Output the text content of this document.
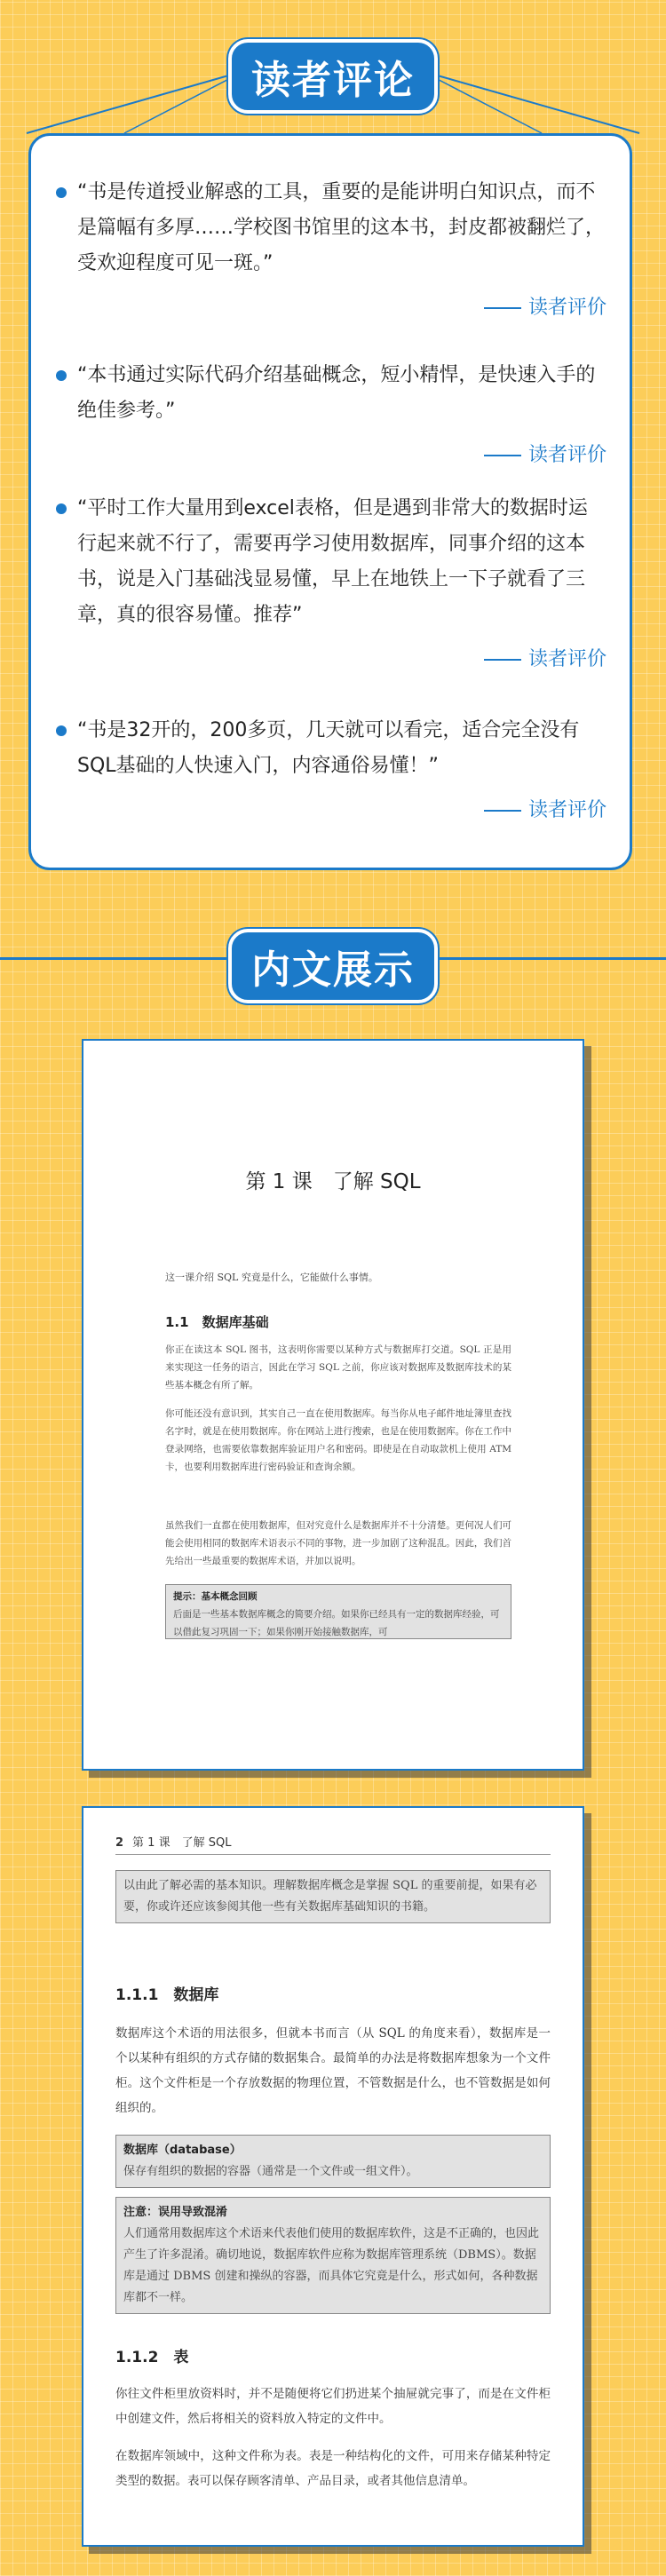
读者评论
“书是传道授业解惑的工具，重要的是能讲明白知识点，而不是篇幅有多厚……学校图书馆里的这本书，封皮都被翻烂了，受欢迎程度可见一斑。”
读者评价
“本书通过实际代码介绍基础概念，短小精悍，是快速入手的绝佳参考。”
读者评价
“平时工作大量用到excel表格，但是遇到非常大的数据时运行起来就不行了，需要再学习使用数据库，同事介绍的这本书，说是入门基础浅显易懂，早上在地铁上一下子就看了三章，真的很容易懂。推荐”
读者评价
“书是32开的，200多页，几天就可以看完，适合完全没有SQL基础的人快速入门，内容通俗易懂！”
读者评价
内文展示
第 1 课　了解 SQL
这一课介绍 SQL 究竟是什么，它能做什么事情。
1.1　数据库基础
你正在读这本 SQL 图书，这表明你需要以某种方式与数据库打交道。SQL 正是用来实现这一任务的语言，因此在学习 SQL 之前，你应该对数据库及数据库技术的某些基本概念有所了解。
你可能还没有意识到，其实自己一直在使用数据库。每当你从电子邮件地址簿里查找名字时，就是在使用数据库。你在网站上进行搜索，也是在使用数据库。你在工作中登录网络，也需要依靠数据库验证用户名和密码。即使是在自动取款机上使用 ATM 卡，也要利用数据库进行密码验证和查询余额。
虽然我们一直都在使用数据库，但对究竟什么是数据库并不十分清楚。更何况人们可能会使用相同的数据库术语表示不同的事物，进一步加剧了这种混乱。因此，我们首先给出一些最重要的数据库术语，并加以说明。
提示：基本概念回顾
后面是一些基本数据库概念的简要介绍。如果你已经具有一定的数据库经验，可以借此复习巩固一下；如果你刚开始接触数据库，可
2 第 1 课　了解 SQL
以由此了解必需的基本知识。理解数据库概念是掌握 SQL 的重要前提，如果有必要，你或许还应该参阅其他一些有关数据库基础知识的书籍。
1.1.1　数据库
数据库这个术语的用法很多，但就本书而言（从 SQL 的角度来看），数据库是一个以某种有组织的方式存储的数据集合。最简单的办法是将数据库想象为一个文件柜。这个文件柜是一个存放数据的物理位置，不管数据是什么，也不管数据是如何组织的。
数据库（database）
保存有组织的数据的容器（通常是一个文件或一组文件）。
注意：误用导致混淆
人们通常用数据库这个术语来代表他们使用的数据库软件，这是不正确的，也因此产生了许多混淆。确切地说，数据库软件应称为数据库管理系统（DBMS）。数据库是通过 DBMS 创建和操纵的容器，而具体它究竟是什么，形式如何，各种数据库都不一样。
1.1.2　表
你往文件柜里放资料时，并不是随便将它们扔进某个抽屉就完事了，而是在文件柜中创建文件，然后将相关的资料放入特定的文件中。
在数据库领域中，这种文件称为表。表是一种结构化的文件，可用来存储某种特定类型的数据。表可以保存顾客清单、产品目录，或者其他信息清单。
